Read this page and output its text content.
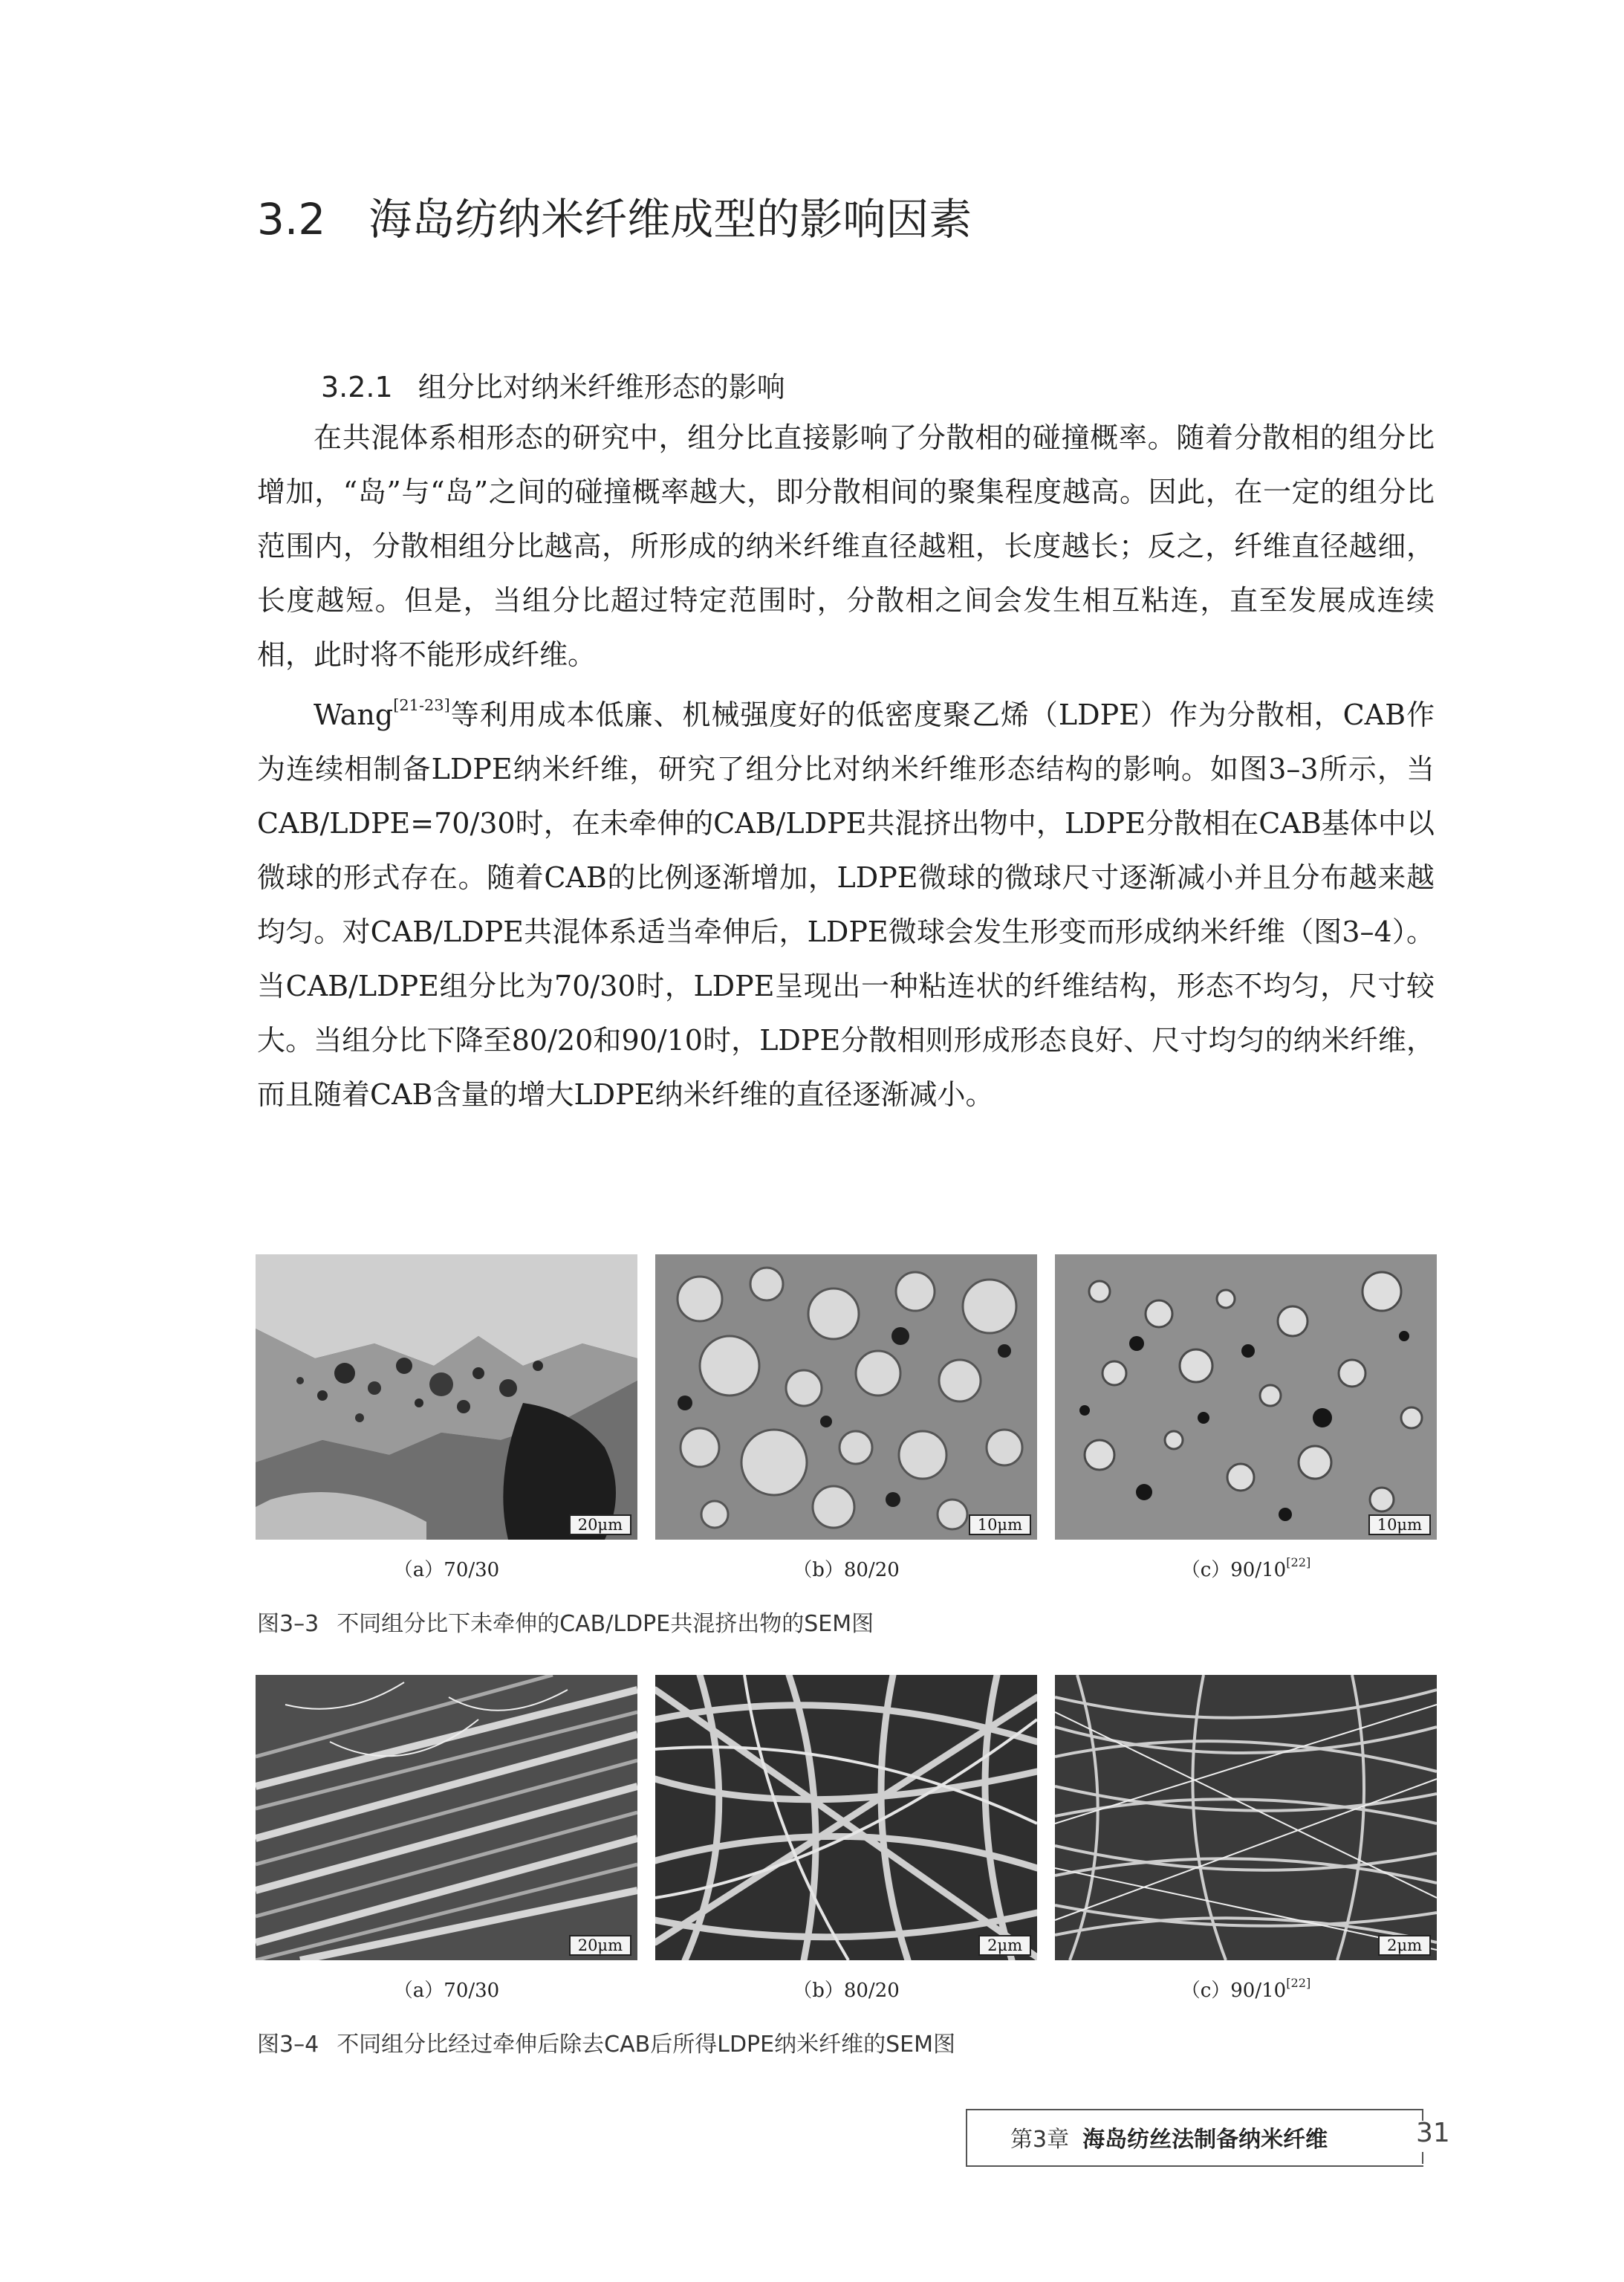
3.2 海岛纺纳米纤维成型的影响因素
3.2.1 组分比对纳米纤维形态的影响

在共混体系相形态的研究中，组分比直接影响了分散相的碰撞概率。随着分散相的组分比增加，“岛”与“岛”之间的碰撞概率越大，即分散相间的聚集程度越高。因此，在一定的组分比范围内，分散相组分比越高，所形成的纳米纤维直径越粗，长度越长；反之，纤维直径越细，长度越短。但是，当组分比超过特定范围时，分散相之间会发生相互粘连，直至发展成连续相，此时将不能形成纤维。

Wang[21-23]等利用成本低廉、机械强度好的低密度聚乙烯（LDPE）作为分散相，CAB作为连续相制备LDPE纳米纤维，研究了组分比对纳米纤维形态结构的影响。如图3–3所示，当CAB/LDPE=70/30时，在未牵伸的CAB/LDPE共混挤出物中，LDPE分散相在CAB基体中以微球的形式存在。随着CAB的比例逐渐增加，LDPE微球的微球尺寸逐渐减小并且分布越来越均匀。对CAB/LDPE共混体系适当牵伸后，LDPE微球会发生形变而形成纳米纤维（图3–4）。当CAB/LDPE组分比为70/30时，LDPE呈现出一种粘连状的纤维结构，形态不均匀，尺寸较大。当组分比下降至80/20和90/10时，LDPE分散相则形成形态良好、尺寸均匀的纳米纤维，而且随着CAB含量的增大LDPE纳米纤维的直径逐渐减小。

20μm	10μm	10μm
（a）70/30	（b）80/20	（c）90/10[22]
图3–3 不同组分比下未牵伸的CAB/LDPE共混挤出物的SEM图
20μm	2μm	2μm
（a）70/30	（b）80/20	（c）90/10[22]
图3–4 不同组分比经过牵伸后除去CAB后所得LDPE纳米纤维的SEM图
第3章 海岛纺丝法制备纳米纤维	31
